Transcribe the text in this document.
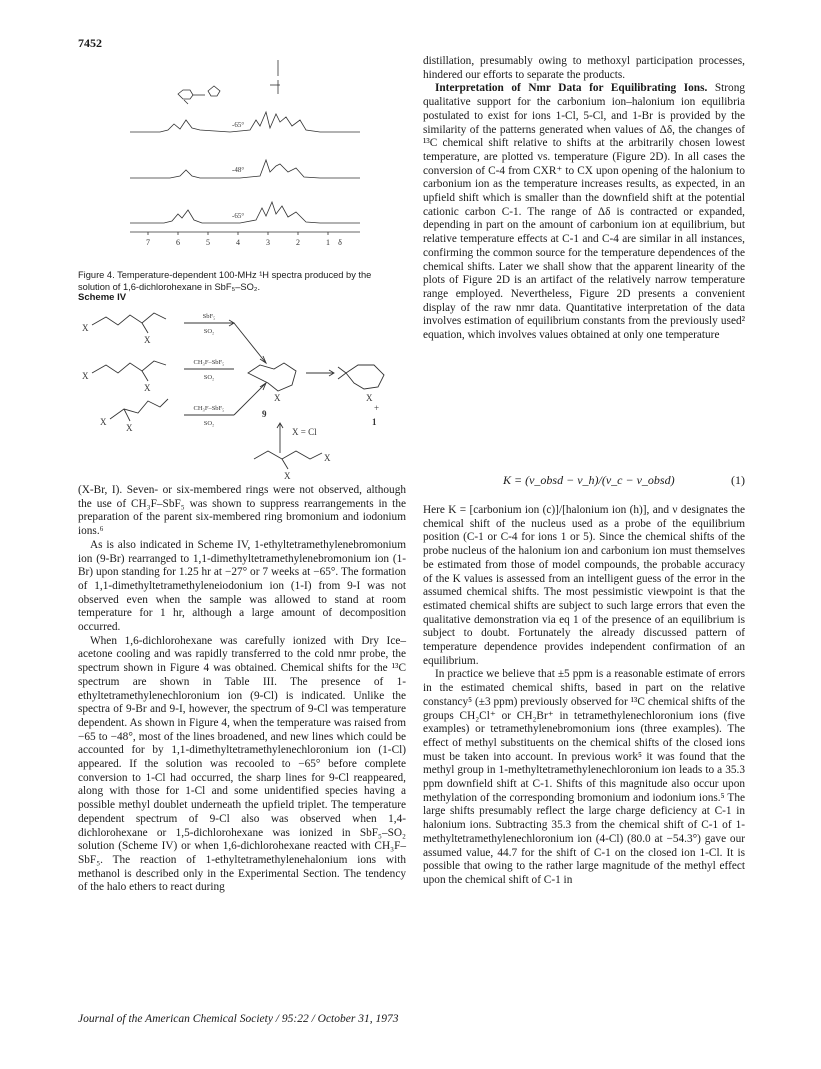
7452
-65°
-48°
-65°
7	6	5	4	3	2	1 δ
Figure 4. Temperature-dependent 100-MHz ¹H spectra produced by the solution of 1,6-dichlorohexane in SbF₅–SO₂.
Scheme IV
X
X
X
X
X
X
X	X
X
X
SbF₅
SO₂
CH₃F–SbF₅
SO₂
CH₃F–SbF₅
SO₂
9
1
+
X = Cl

(X-Br, I). Seven- or six-membered rings were not observed, although the use of CH₃F–SbF₅ was shown to suppress rearrangements in the preparation of the parent six-membered ring bromonium and iodonium ions.⁶

As is also indicated in Scheme IV, 1-ethyltetramethylenebromonium ion (9-Br) rearranged to 1,1-dimethyltetramethylenebromonium ion (1-Br) upon standing for 1.25 hr at −27° or 7 weeks at −65°. The formation of 1,1-dimethyltetramethyleneiodonium ion (1-I) from 9-I was not observed even when the sample was allowed to stand at room temperature for 1 hr, although a large amount of decomposition occurred.

When 1,6-dichlorohexane was carefully ionized with Dry Ice–acetone cooling and was rapidly transferred to the cold nmr probe, the spectrum shown in Figure 4 was obtained. Chemical shifts for the ¹³C spectrum are shown in Table III. The presence of 1-ethyltetramethylenechloronium ion (9-Cl) is indicated. Unlike the spectra of 9-Br and 9-I, however, the spectrum of 9-Cl was temperature dependent. As shown in Figure 4, when the temperature was raised from −65 to −48°, most of the lines broadened, and new lines which could be accounted for by 1,1-dimethyltetramethylenechloronium ion (1-Cl) appeared. If the solution was recooled to −65° before complete conversion to 1-Cl had occurred, the sharp lines for 9-Cl reappeared, along with those for 1-Cl and some unidentified species having a possible methyl doublet underneath the upfield triplet. The temperature dependent spectrum of 9-Cl also was observed when 1,4-dichlorohexane or 1,5-dichlorohexane was ionized in SbF₅–SO₂ solution (Scheme IV) or when 1,6-dichlorohexane reacted with CH₃F–SbF₅. The reaction of 1-ethyltetramethylenehalonium ions with methanol is described only in the Experimental Section. The tendency of the halo ethers to react during

distillation, presumably owing to methoxyl participation processes, hindered our efforts to separate the products.

Interpretation of Nmr Data for Equilibrating Ions. Strong qualitative support for the carbonium ion–halonium ion equilibria postulated to exist for ions 1-Cl, 5-Cl, and 1-Br is provided by the similarity of the patterns generated when values of Δδ, the changes of ¹³C chemical shift relative to shifts at the arbitrarily chosen lowest temperature, are plotted vs. temperature (Figure 2D). In all cases the conversion of C-4 from CXR⁺ to CX upon opening of the halonium to carbonium ion as the temperature increases results, as expected, in an upfield shift which is smaller than the downfield shift at the potential cationic carbon C-1. The range of Δδ is contracted or expanded, depending in part on the amount of carbonium ion at equilibrium, but relative temperature effects at C-1 and C-4 are similar in all instances, confirming the common source for the temperature dependences of the chemical shifts. Later we shall show that the apparent linearity of the plots of Figure 2D is an artifact of the relatively narrow temperature range employed. Nevertheless, Figure 2D presents a convenient display of the raw nmr data. Quantitative interpretation of the data involves estimation of equilibrium constants from the previously used² equation, which involves values obtained at only one temperature

K = (ν_obsd − ν_h)/(ν_c − ν_obsd)	(1)

Here K = [carbonium ion (c)]/[halonium ion (h)], and ν designates the chemical shift of the nucleus used as a probe of the equilibrium position (C-1 or C-4 for ions 1 or 5). Since the chemical shifts of the probe nucleus of the halonium ion and carbonium ion must themselves be estimated from those of model compounds, the probable accuracy of the K values is assessed from an intelligent guess of the error in the assumed chemical shifts. The most pessimistic viewpoint is that the estimated chemical shifts are subject to such large errors that even the qualitative demonstration via eq 1 of the presence of an equilibrium is subject to doubt. Fortunately the already discussed pattern of temperature dependence provides independent confirmation of an equilibrium.

In practice we believe that ±5 ppm is a reasonable estimate of errors in the estimated chemical shifts, based in part on the relative constancy⁵ (±3 ppm) previously observed for ¹³C chemical shifts of the groups CH₂Cl⁺ or CH₂Br⁺ in tetramethylenechloronium ions (five examples) or tetramethylenebromonium ions (three examples). The effect of methyl substituents on the chemical shifts of the closed ions must be taken into account. In previous work⁵ it was found that the methyl group in 1-methyltetramethylenechloronium ion leads to a 35.3 ppm downfield shift at C-1. Shifts of this magnitude also occur upon methylation of the corresponding bromonium and iodonium ions.⁵ The large shifts presumably reflect the large charge deficiency at C-1 in halonium ions. Subtracting 35.3 from the chemical shift of C-1 of 1-methyltetramethylenechloronium ion (4-Cl) (80.0 at −54.3°) gave our assumed value, 44.7 for the shift of C-1 on the closed ion 1-Cl. It is possible that owing to the rather large magnitude of the methyl effect upon the chemical shift of C-1 in

Journal of the American Chemical Society / 95:22 / October 31, 1973
